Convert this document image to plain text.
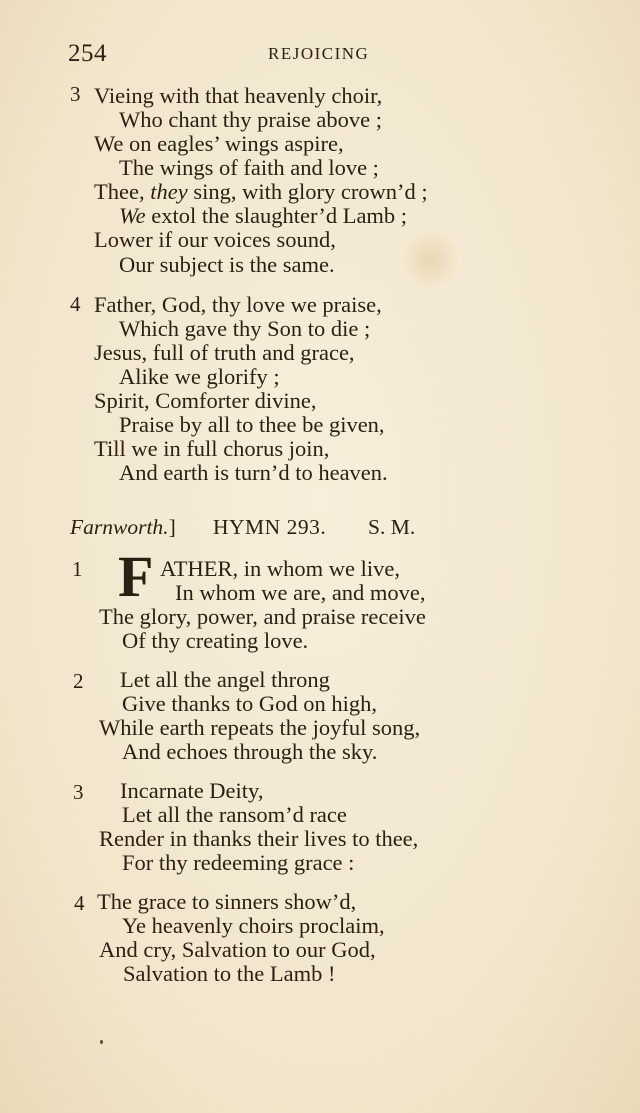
254	REJOICING
3 Vieing with that heavenly choir,
Who chant thy praise above ;
We on eagles’ wings aspire,
The wings of faith and love ;
Thee, they sing, with glory crown’d ;
We extol the slaughter’d Lamb ;
Lower if our voices sound,
Our subject is the same.
4 Father, God, thy love we praise,
Which gave thy Son to die ;
Jesus, full of truth and grace,
Alike we glorify ;
Spirit, Comforter divine,
Praise by all to thee be given,
Till we in full chorus join,
And earth is turn’d to heaven.
Farnworth.] HYMN 293. S. M.
1 F ATHER, in whom we live,
In whom we are, and move,
The glory, power, and praise receive
Of thy creating love.
2 Let all the angel throng
Give thanks to God on high,
While earth repeats the joyful song,
And echoes through the sky.
3 Incarnate Deity,
Let all the ransom’d race
Render in thanks their lives to thee,
For thy redeeming grace :
4 The grace to sinners show’d,
Ye heavenly choirs proclaim,
And cry, Salvation to our God,
Salvation to the Lamb !
